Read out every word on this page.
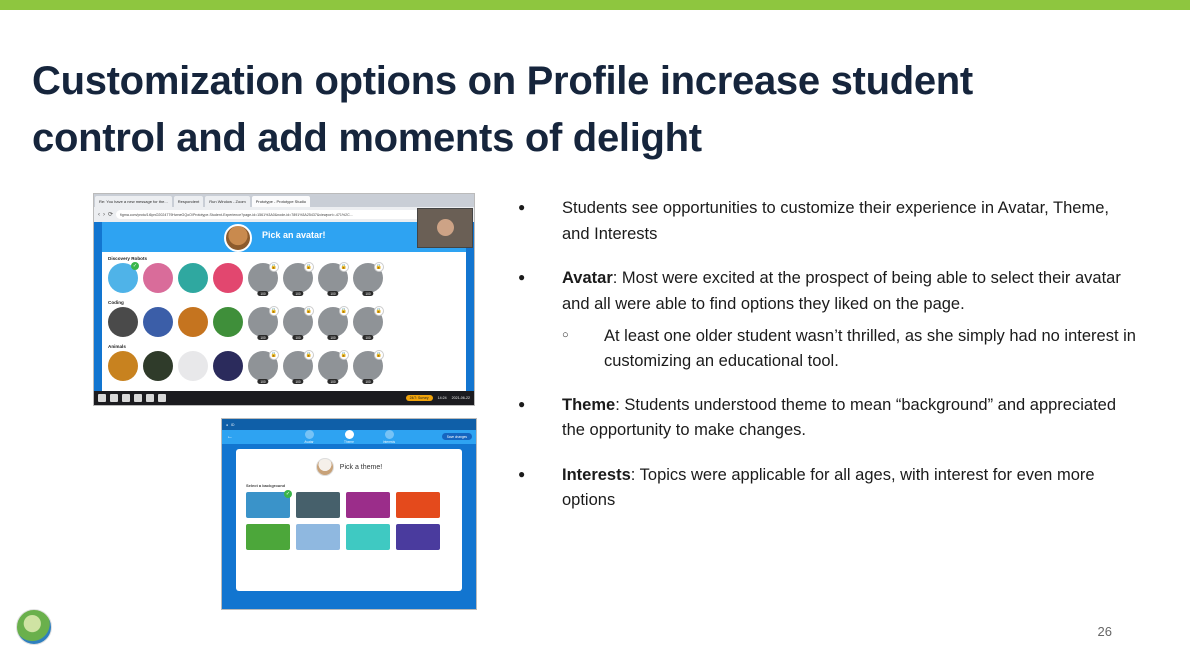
Customization options on Profile increase student control and add moments of delight
Re: You have a new message for the...	Respondent	Run Window - Zoom	Prototype - Prototype Studio
‹ › ⟳	figma.com/proto/1i6pnO2024779HwneGQoO/Prototype-Student-Experience?page-id=1561%3A0&node-id=7891%3A25437&viewport=-471%2C...
Pick an avatar!
Discovery Robots
✓	🔒
100
🔒
100
🔒
100
🔒
100
Coding
🔒
100
🔒
100
🔒
100
🔒
100
Animals
🔒
100
🔒
100
🔒
100
🔒
100
24/7: Survey	14:24 2021-06-22
● ID
Avatar	Theme	Interests
Save changes
←
Pick a theme!
Select a background
✓
●	Students see opportunities to customize their experience in Avatar, Theme, and Interests
●	Avatar: Most were excited at the prospect of being able to select their avatar and all were able to find options they liked on the page.
○	At least one older student wasn’t thrilled, as she simply had no interest in customizing an educational tool.
●	Theme: Students understood theme to mean “background” and appreciated the opportunity to make changes.
●	Interests: Topics were applicable for all ages, with interest for even more options
26
